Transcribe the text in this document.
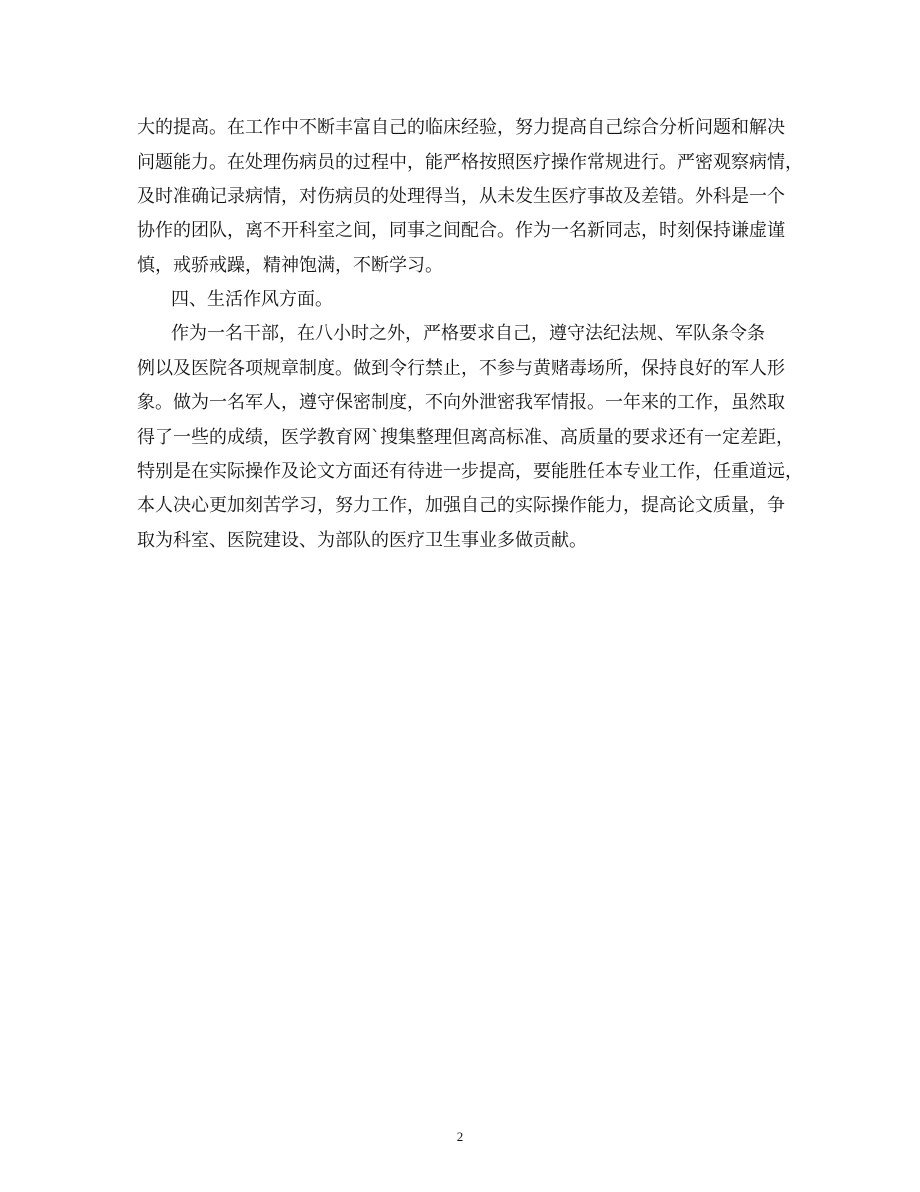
大的提高。在工作中不断丰富自己的临床经验，努力提高自己综合分析问题和解决
问题能力。在处理伤病员的过程中，能严格按照医疗操作常规进行。严密观察病情，
及时准确记录病情，对伤病员的处理得当，从未发生医疗事故及差错。外科是一个
协作的团队，离不开科室之间，同事之间配合。作为一名新同志，时刻保持谦虚谨
慎，戒骄戒躁，精神饱满，不断学习。
四、生活作风方面。
作为一名干部，在八小时之外，严格要求自己，遵守法纪法规、军队条令条
例以及医院各项规章制度。做到令行禁止，不参与黄赌毒场所，保持良好的军人形
象。做为一名军人，遵守保密制度，不向外泄密我军情报。一年来的工作，虽然取
得了一些的成绩，医学教育网`搜集整理但离高标准、高质量的要求还有一定差距，
特别是在实际操作及论文方面还有待进一步提高，要能胜任本专业工作，任重道远，
本人决心更加刻苦学习，努力工作，加强自己的实际操作能力，提高论文质量，争
取为科室、医院建设、为部队的医疗卫生事业多做贡献。
2
